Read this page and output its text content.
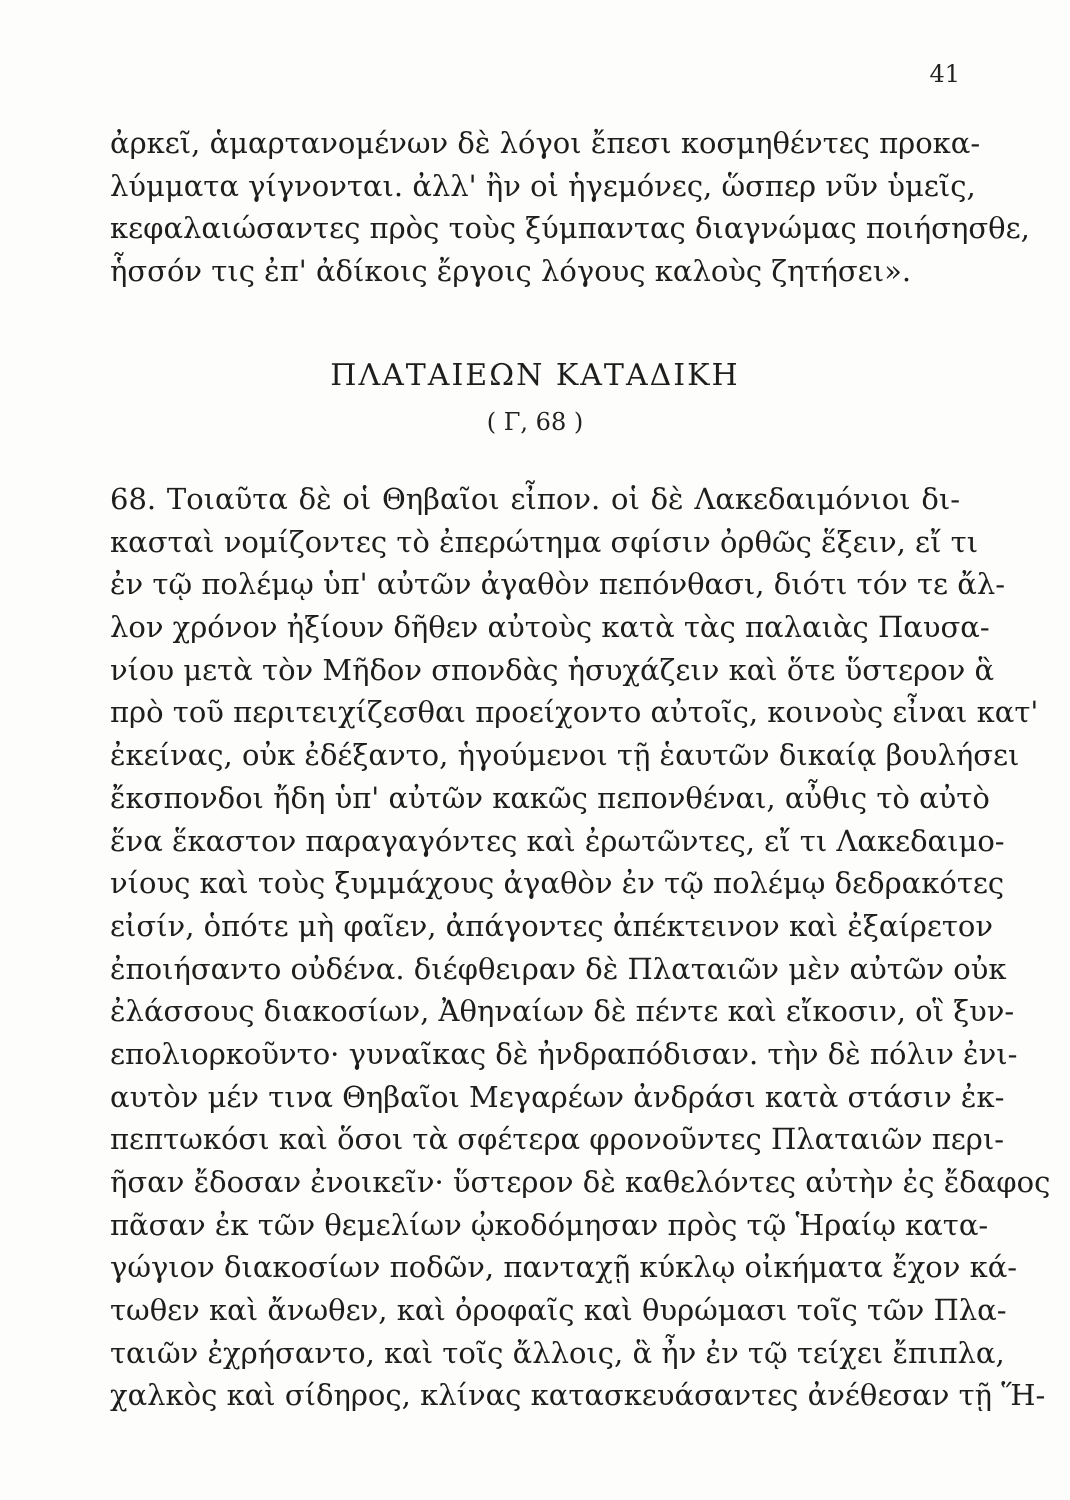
41
ἀρκεῖ, ἁμαρτανομένων δὲ λόγοι ἔπεσι κοσμηθέντες προκα-
λύμματα γίγνονται. ἀλλ' ἢν οἱ ἡγεμόνες, ὥσπερ νῦν ὑμεῖς,
κεφαλαιώσαντες πρὸς τοὺς ξύμπαντας διαγνώμας ποιήσησθε,
ἧσσόν τις ἐπ' ἀδίκοις ἔργοις λόγους καλοὺς ζητήσει».
ΠΛΑΤΑΙΕΩΝ ΚΑΤΑΔΙΚΗ
( Γ, 68 )
68. Τοιαῦτα δὲ οἱ Θηβαῖοι εἶπον. οἱ δὲ Λακεδαιμόνιοι δι-
κασταὶ νομίζοντες τὸ ἐπερώτημα σφίσιν ὀρθῶς ἕξειν, εἴ τι
ἐν τῷ πολέμῳ ὑπ' αὐτῶν ἀγαθὸν πεπόνθασι, διότι τόν τε ἄλ-
λον χρόνον ἠξίουν δῆθεν αὐτοὺς κατὰ τὰς παλαιὰς Παυσα-
νίου μετὰ τὸν Μῆδον σπονδὰς ἡσυχάζειν καὶ ὅτε ὕστερον ἃ
πρὸ τοῦ περιτειχίζεσθαι προείχοντο αὐτοῖς, κοινοὺς εἶναι κατ'
ἐκείνας, οὐκ ἐδέξαντο, ἡγούμενοι τῇ ἑαυτῶν δικαίᾳ βουλήσει
ἔκσπονδοι ἤδη ὑπ' αὐτῶν κακῶς πεπονθέναι, αὖθις τὸ αὐτὸ
ἕνα ἕκαστον παραγαγόντες καὶ ἐρωτῶντες, εἴ τι Λακεδαιμο-
νίους καὶ τοὺς ξυμμάχους ἀγαθὸν ἐν τῷ πολέμῳ δεδρακότες
εἰσίν, ὁπότε μὴ φαῖεν, ἀπάγοντες ἀπέκτεινον καὶ ἐξαίρετον
ἐποιήσαντο οὐδένα. διέφθειραν δὲ Πλαταιῶν μὲν αὐτῶν οὐκ
ἐλάσσους διακοσίων, Ἀθηναίων δὲ πέντε καὶ εἴκοσιν, οἳ ξυν-
επολιορκοῦντο· γυναῖκας δὲ ἠνδραπόδισαν. τὴν δὲ πόλιν ἐνι-
αυτὸν μέν τινα Θηβαῖοι Μεγαρέων ἀνδράσι κατὰ στάσιν ἐκ-
πεπτωκόσι καὶ ὅσοι τὰ σφέτερα φρονοῦντες Πλαταιῶν περι-
ῆσαν ἔδοσαν ἐνοικεῖν· ὕστερον δὲ καθελόντες αὐτὴν ἐς ἔδαφος
πᾶσαν ἐκ τῶν θεμελίων ᾠκοδόμησαν πρὸς τῷ Ἡραίῳ κατα-
γώγιον διακοσίων ποδῶν, πανταχῇ κύκλῳ οἰκήματα ἔχον κά-
τωθεν καὶ ἄνωθεν, καὶ ὀροφαῖς καὶ θυρώμασι τοῖς τῶν Πλα-
ταιῶν ἐχρήσαντο, καὶ τοῖς ἄλλοις, ἃ ἦν ἐν τῷ τείχει ἔπιπλα,
χαλκὸς καὶ σίδηρος, κλίνας κατασκευάσαντες ἀνέθεσαν τῇ Ἥ-
